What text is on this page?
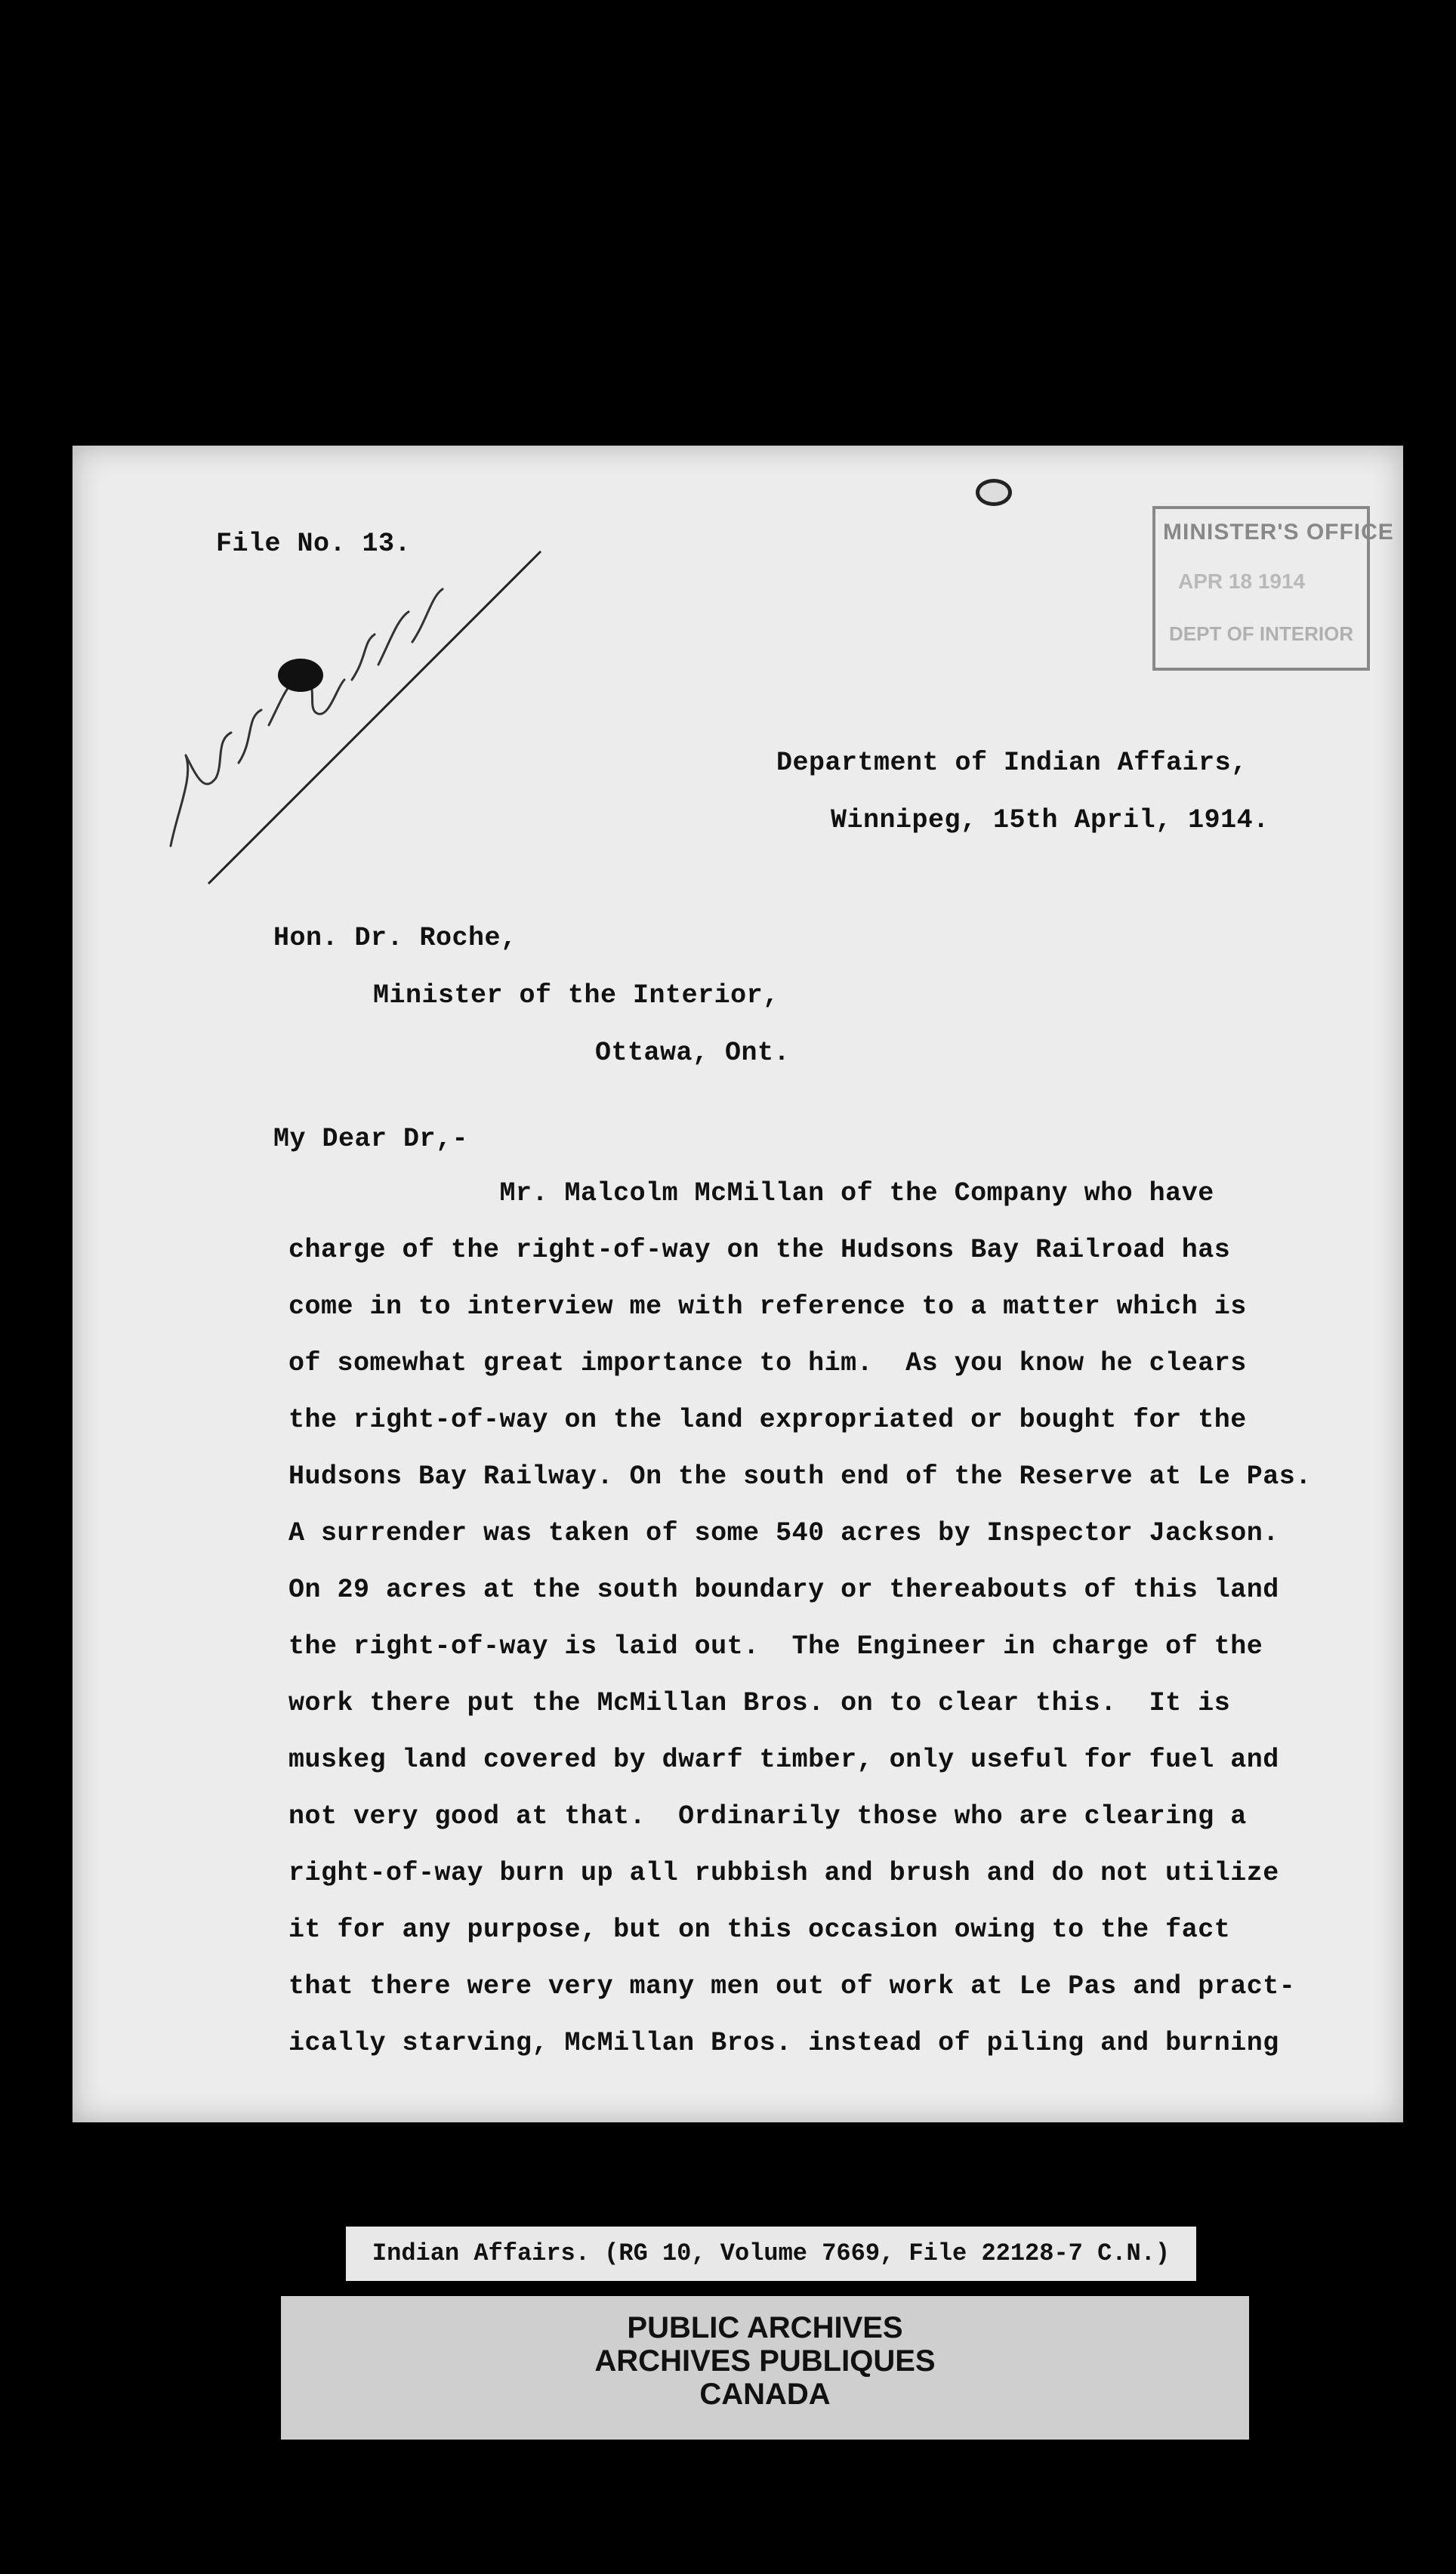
File No. 13.	MINISTER'S OFFICE
APR 18 1914
DEPT OF INTERIOR
Department of Indian Affairs,
Winnipeg, 15th April, 1914.
Hon. Dr. Roche,
Minister of the Interior,
Ottawa, Ont.
My Dear Dr,-
Mr. Malcolm McMillan of the Company who have
charge of the right-of-way on the Hudsons Bay Railroad has
come in to interview me with reference to a matter which is
of somewhat great importance to him.  As you know he clears
the right-of-way on the land expropriated or bought for the
Hudsons Bay Railway. On the south end of the Reserve at Le Pas.
A surrender was taken of some 540 acres by Inspector Jackson.
On 29 acres at the south boundary or thereabouts of this land
the right-of-way is laid out.  The Engineer in charge of the
work there put the McMillan Bros. on to clear this.  It is
muskeg land covered by dwarf timber, only useful for fuel and
not very good at that.  Ordinarily those who are clearing a
right-of-way burn up all rubbish and brush and do not utilize
it for any purpose, but on this occasion owing to the fact
that there were very many men out of work at Le Pas and pract-
ically starving, McMillan Bros. instead of piling and burning
Indian Affairs. (RG 10, Volume 7669, File 22128-7 C.N.)
PUBLIC ARCHIVES
ARCHIVES PUBLIQUES
CANADA
